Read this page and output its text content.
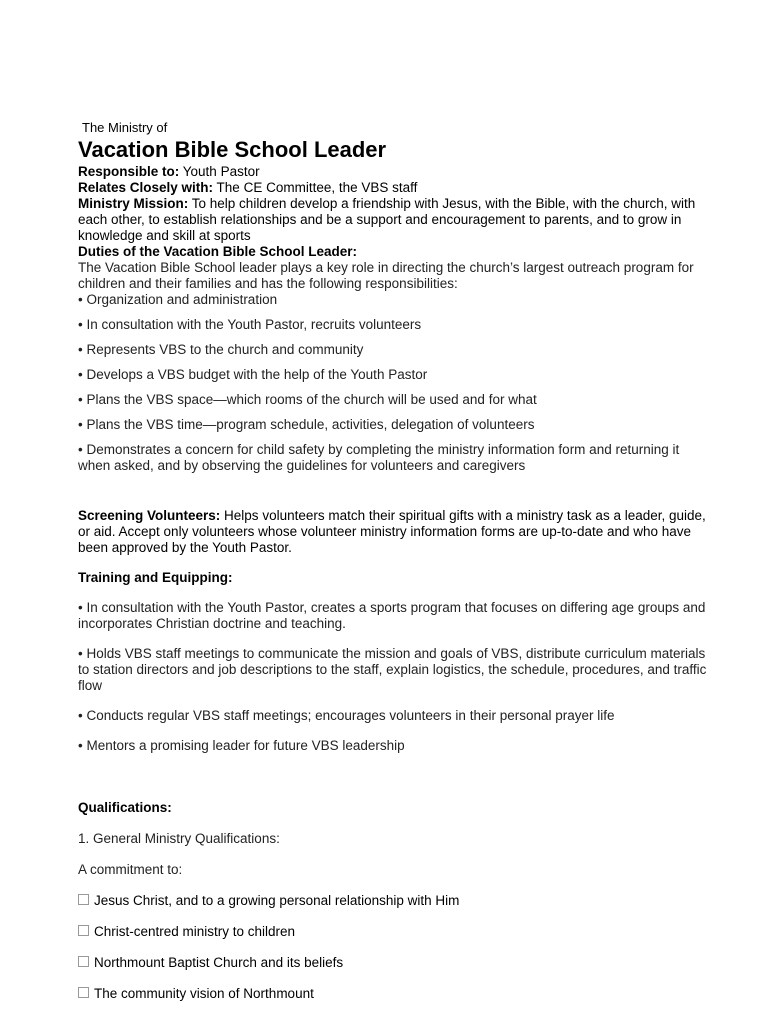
The Ministry of

Vacation Bible School Leader

Responsible to: Youth Pastor

Relates Closely with: The CE Committee, the VBS staff

Ministry Mission: To help children develop a friendship with Jesus, with the Bible, with the church, with each other, to establish relationships and be a support and encouragement to parents, and to grow in knowledge and skill at sports

Duties of the Vacation Bible School Leader:

The Vacation Bible School leader plays a key role in directing the church’s largest outreach program for children and their families and has the following responsibilities:

• Organization and administration

• In consultation with the Youth Pastor, recruits volunteers

• Represents VBS to the church and community

• Develops a VBS budget with the help of the Youth Pastor

• Plans the VBS space—which rooms of the church will be used and for what

• Plans the VBS time—program schedule, activities, delegation of volunteers

• Demonstrates a concern for child safety by completing the ministry information form and returning it when asked, and by observing the guidelines for volunteers and caregivers

Screening Volunteers: Helps volunteers match their spiritual gifts with a ministry task as a leader, guide, or aid. Accept only volunteers whose volunteer ministry information forms are up-to-date and who have been approved by the Youth Pastor.

Training and Equipping:

• In consultation with the Youth Pastor, creates a sports program that focuses on differing age groups and incorporates Christian doctrine and teaching.

• Holds VBS staff meetings to communicate the mission and goals of VBS, distribute curriculum materials to station directors and job descriptions to the staff, explain logistics, the schedule, procedures, and traffic flow

• Conducts regular VBS staff meetings; encourages volunteers in their personal prayer life

• Mentors a promising leader for future VBS leadership

Qualifications:

1. General Ministry Qualifications:

A commitment to:

Jesus Christ, and to a growing personal relationship with Him

Christ-centred ministry to children

Northmount Baptist Church and its beliefs

The community vision of Northmount
